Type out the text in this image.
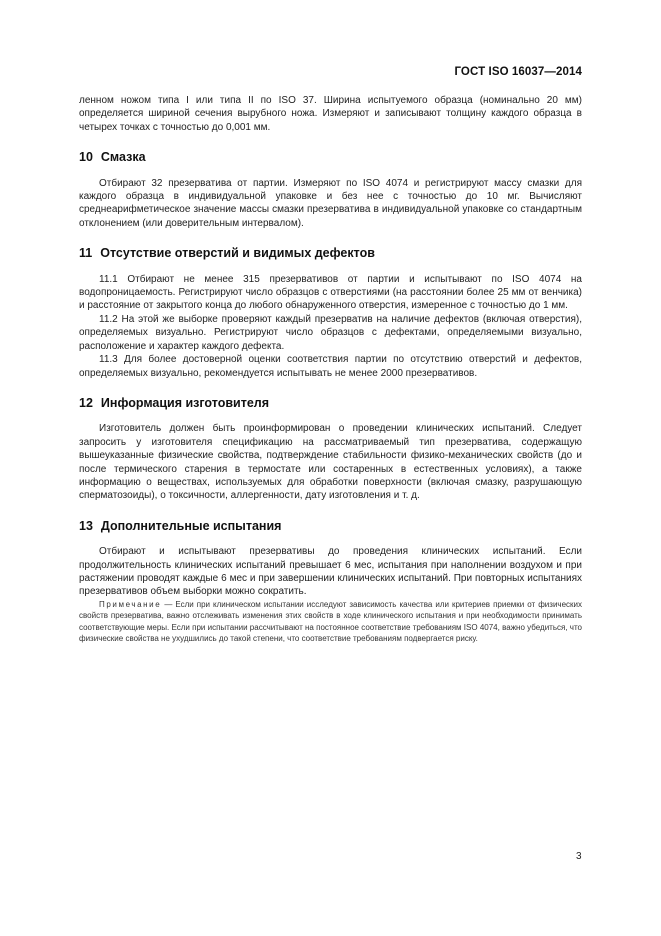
ГОСТ ISO 16037—2014

ленном ножом типа I или типа II по ISO 37. Ширина испытуемого образца (номинально 20 мм) определяется шириной сечения вырубного ножа. Измеряют и записывают толщину каждого образца в четырех точках с точностью до 0,001 мм.

10 Смазка

Отбирают 32 презерватива от партии. Измеряют по ISO 4074 и регистрируют массу смазки для каждого образца в индивидуальной упаковке и без нее с точностью до 10 мг. Вычисляют среднеарифметическое значение массы смазки презерватива в индивидуальной упаковке со стандартным отклонением (или доверительным интервалом).

11 Отсутствие отверстий и видимых дефектов

11.1 Отбирают не менее 315 презервативов от партии и испытывают по ISO 4074 на водопроницаемость. Регистрируют число образцов с отверстиями (на расстоянии более 25 мм от венчика) и расстояние от закрытого конца до любого обнаруженного отверстия, измеренное с точностью до 1 мм.

11.2 На этой же выборке проверяют каждый презерватив на наличие дефектов (включая отверстия), определяемых визуально. Регистрируют число образцов с дефектами, определяемыми визуально, расположение и характер каждого дефекта.

11.3 Для более достоверной оценки соответствия партии по отсутствию отверстий и дефектов, определяемых визуально, рекомендуется испытывать не менее 2000 презервативов.

12 Информация изготовителя

Изготовитель должен быть проинформирован о проведении клинических испытаний. Следует запросить у изготовителя спецификацию на рассматриваемый тип презерватива, содержащую вышеуказанные физические свойства, подтверждение стабильности физико-механических свойств (до и после термического старения в термостате или состаренных в естественных условиях), а также информацию о веществах, используемых для обработки поверхности (включая смазку, разрушающую сперматозоиды), о токсичности, аллергенности, дату изготовления и т. д.

13 Дополнительные испытания

Отбирают и испытывают презервативы до проведения клинических испытаний. Если продолжительность клинических испытаний превышает 6 мес, испытания при наполнении воздухом и при растяжении проводят каждые 6 мес и при завершении клинических испытаний. При повторных испытаниях презервативов объем выборки можно сократить.

Примечание — Если при клиническом испытании исследуют зависимость качества или критериев приемки от физических свойств презерватива, важно отслеживать изменения этих свойств в ходе клинического испытания и при необходимости принимать соответствующие меры. Если при испытании рассчитывают на постоянное соответствие требованиям ISO 4074, важно убедиться, что физические свойства не ухудшились до такой степени, что соответствие требованиям подвергается риску.

3
